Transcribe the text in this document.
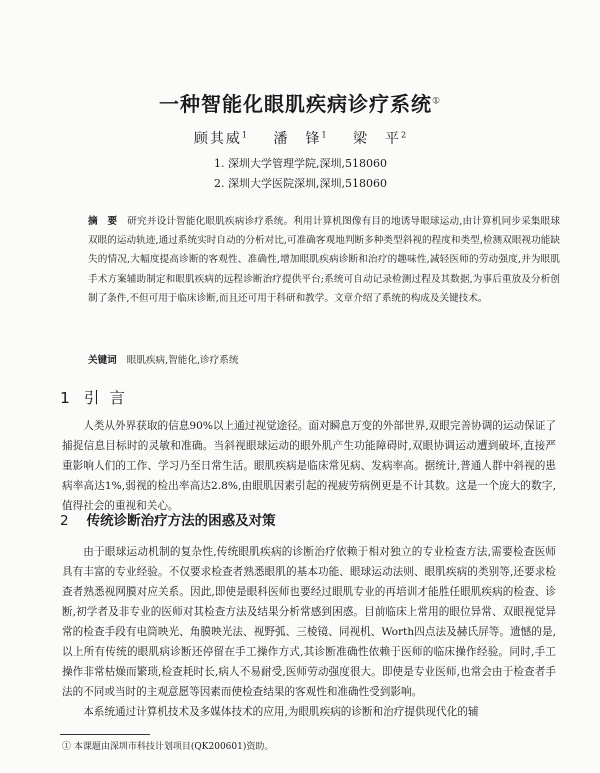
一种智能化眼肌疾病诊疗系统①
顾其威$^1$ 潘　锋$^1$ 梁　平$^2$
1. 深圳大学管理学院,深圳,518060
2. 深圳大学医院深圳,深圳,518060
摘　要 研究并设计智能化眼肌疾病诊疗系统。利用计算机图像有目的地诱导眼球运动,由计算机同步采集眼球双眼的运动轨迹,通过系统实时自动的分析对比,可准确客观地判断多种类型斜视的程度和类型,检测双眼视功能缺失的情况,大幅度提高诊断的客观性、准确性,增加眼肌疾病诊断和治疗的趣味性,减轻医师的劳动强度,并为眼肌手术方案辅助制定和眼肌疾病的远程诊断治疗提供平台;系统可自动记录检测过程及其数据,为事后重放及分析创制了条件,不但可用于临床诊断,而且还可用于科研和教学。文章介绍了系统的构成及关键技术。
关键词 眼肌疾病,智能化,诊疗系统
1 引言
人类从外界获取的信息90%以上通过视觉途径。面对瞬息万变的外部世界,双眼完善协调的运动保证了捕捉信息目标时的灵敏和准确。当斜视眼球运动的眼外肌产生功能障碍时,双眼协调运动遭到破坏,直接严重影响人们的工作、学习乃至日常生活。眼肌疾病是临床常见病、发病率高。据统计,普通人群中斜视的患病率高达1%,弱视的检出率高达2.8%,由眼肌因素引起的视疲劳病例更是不计其数。这是一个庞大的数字,值得社会的重视和关心。
2 传统诊断治疗方法的困惑及对策
由于眼球运动机制的复杂性,传统眼肌疾病的诊断治疗依赖于相对独立的专业检查方法,需要检查医师具有丰富的专业经验。不仅要求检查者熟悉眼肌的基本功能、眼球运动法则、眼肌疾病的类别等,还要求检查者熟悉视网膜对应关系。因此,即使是眼科医师也要经过眼肌专业的再培训才能胜任眼肌疾病的检查、诊断,初学者及非专业的医师对其检查方法及结果分析常感到困惑。目前临床上常用的眼位异常、双眼视觉异常的检查手段有电筒映光、角膜映光法、视野弧、三棱镜、同视机、Worth四点法及赫氏屏等。遗憾的是,以上所有传统的眼肌病诊断还停留在手工操作方式,其诊断准确性依赖于医师的临床操作经验。同时,手工操作非常枯燥而繁琐,检查耗时长,病人不易耐受,医师劳动强度很大。即使是专业医师,也常会由于检查者手法的不同或当时的主观意愿等因素而使检查结果的客观性和准确性受到影响。
本系统通过计算机技术及多媒体技术的应用,为眼肌疾病的诊断和治疗提供现代化的辅
① 本课题由深圳市科技计划项目(QK200601)资助。
